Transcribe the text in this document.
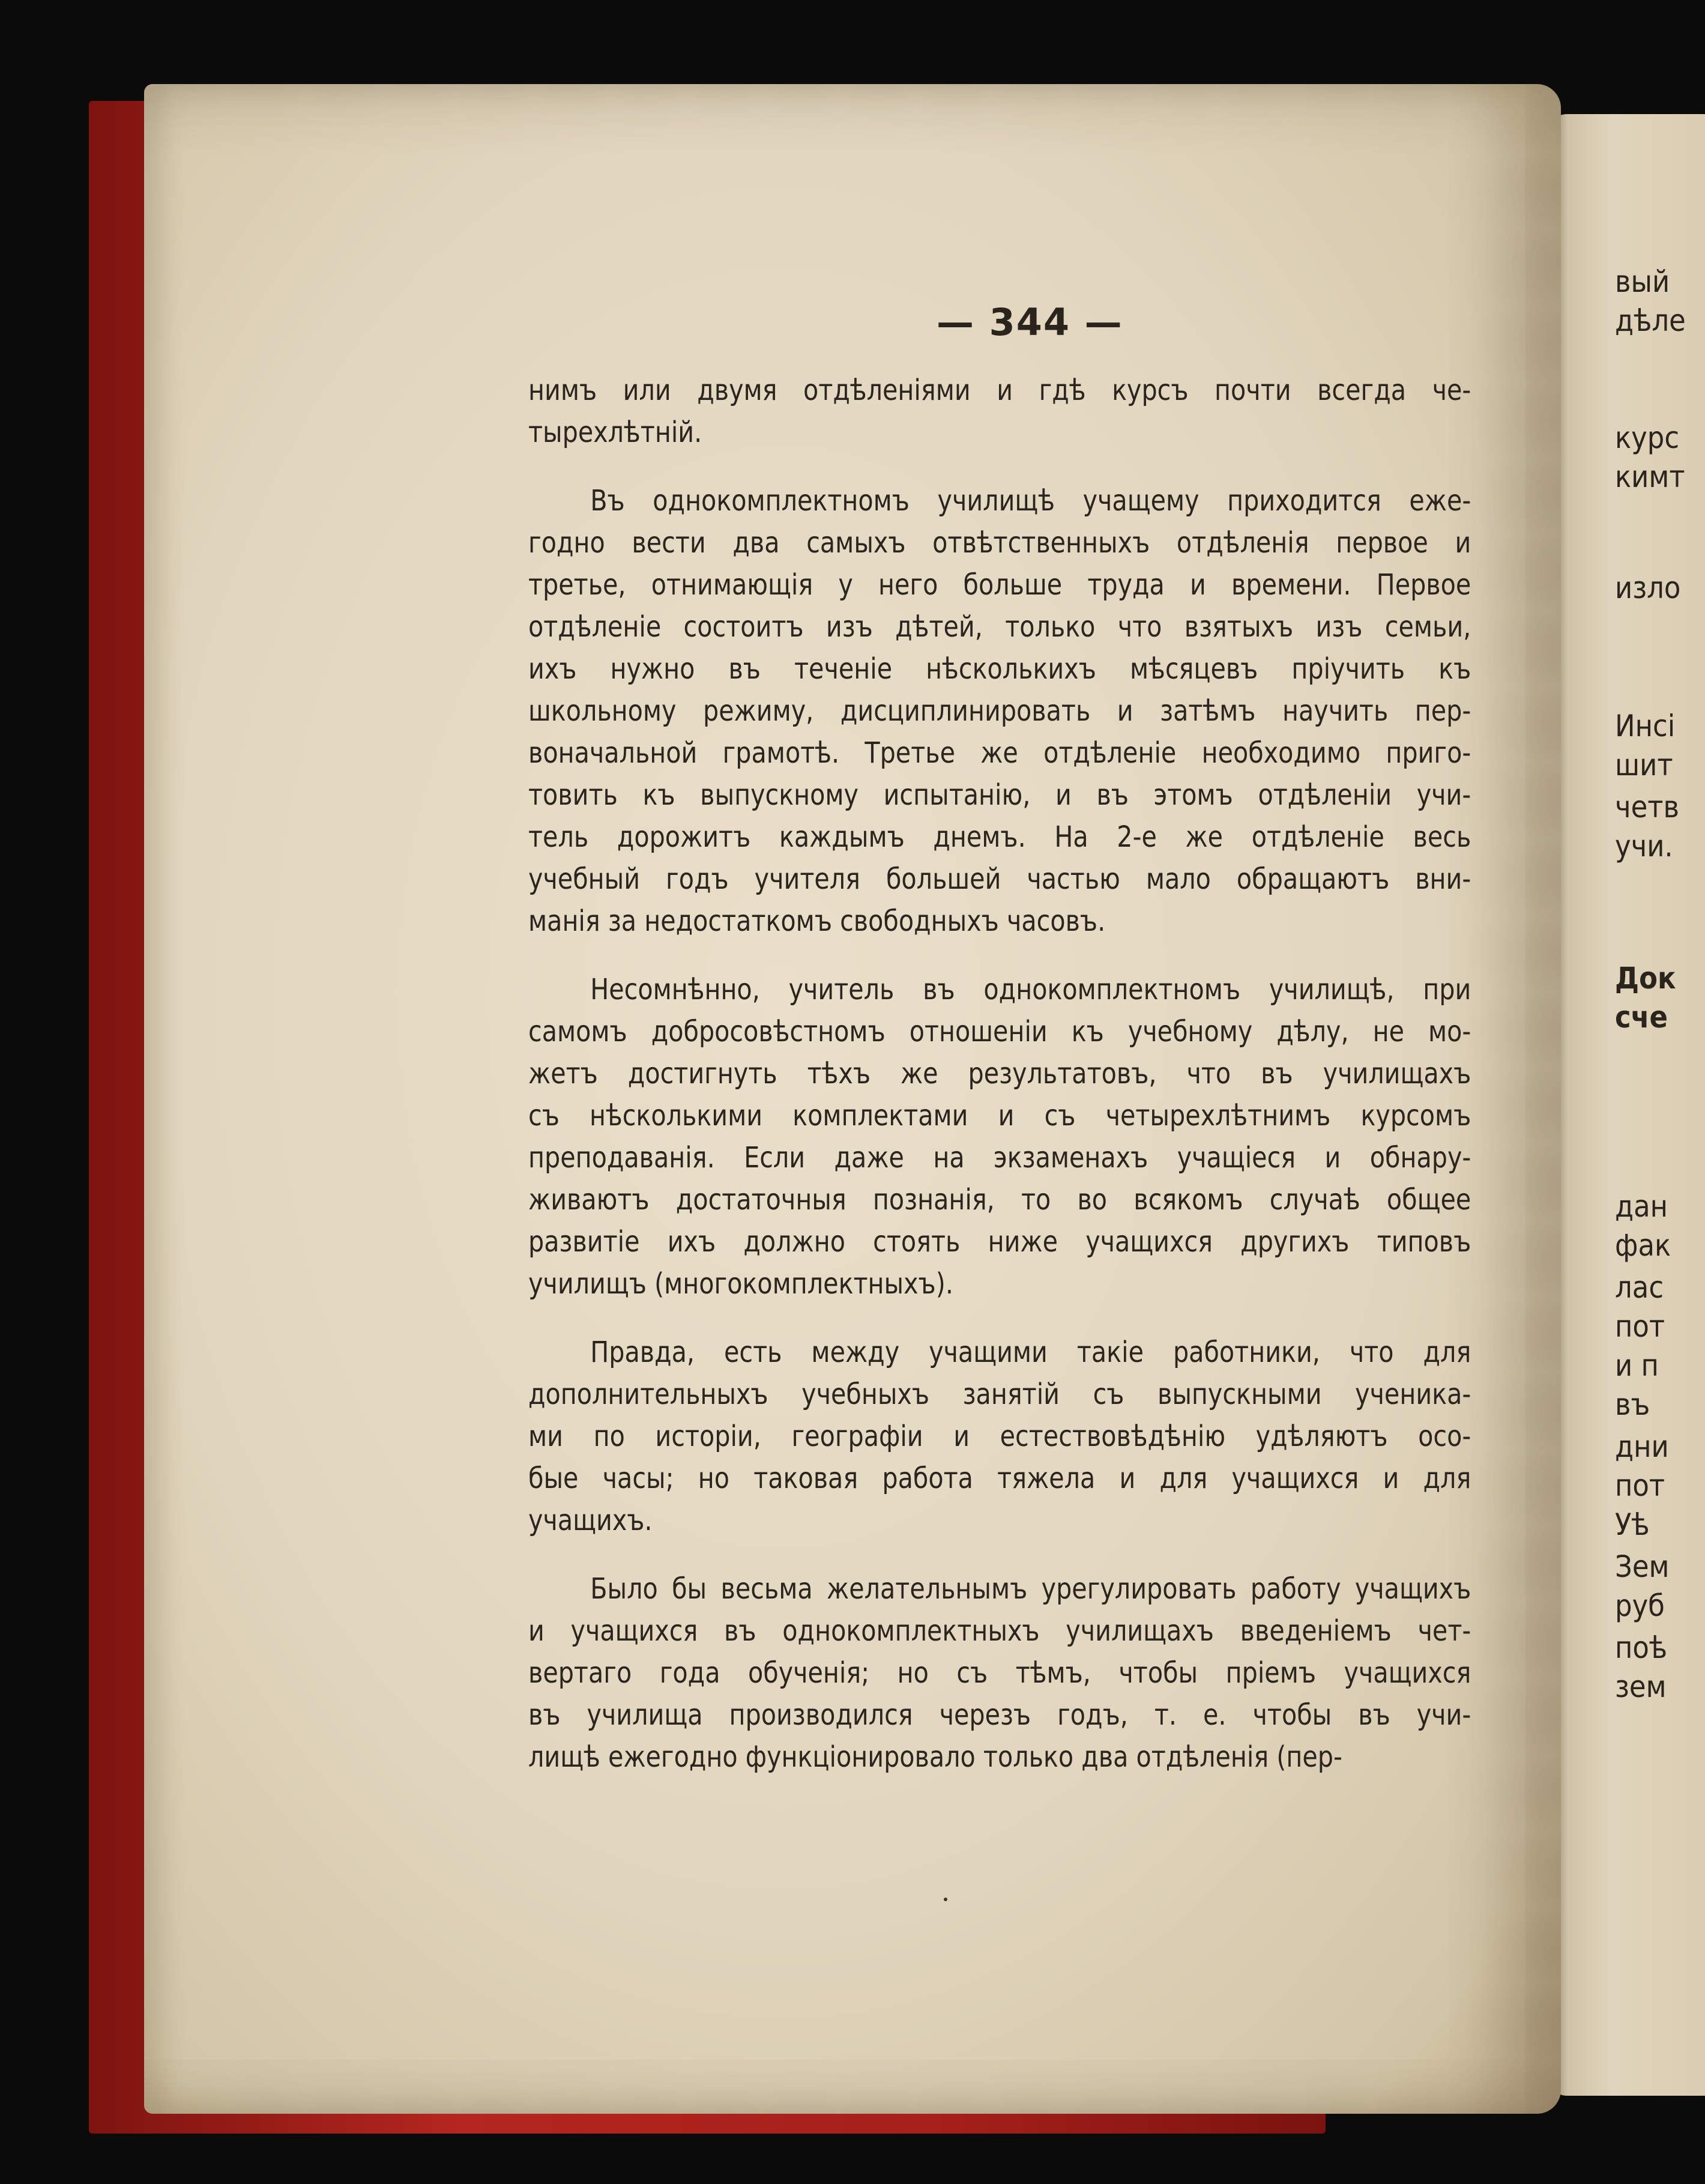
вый
дѣле
курс
кимт
изло
Инсі
шит
четв
учи.
Док
сче
дан
фак
лас
пот
и п
въ
дни
пот
Уѣ
Зем
руб
поѣ
зем
— 344 —
нимъ или двумя отдѣленіями и гдѣ курсъ почти всегда че-
тырехлѣтній.
Въ однокомплектномъ училищѣ учащему приходится еже-
годно вести два самыхъ отвѣтственныхъ отдѣленія первое и
третье, отнимающія у него больше труда и времени. Первое
отдѣленіе состоитъ изъ дѣтей, только что взятыхъ изъ семьи,
ихъ нужно въ теченіе нѣсколькихъ мѣсяцевъ пріучить къ
школьному режиму, дисциплинировать и затѣмъ научить пер-
воначальной грамотѣ. Третье же отдѣленіе необходимо приго-
товить къ выпускному испытанію, и въ этомъ отдѣленіи учи-
тель дорожитъ каждымъ днемъ. На 2-е же отдѣленіе весь
учебный годъ учителя большей частью мало обращаютъ вни-
манія за недостаткомъ свободныхъ часовъ.
Несомнѣнно, учитель въ однокомплектномъ училищѣ, при
самомъ добросовѣстномъ отношеніи къ учебному дѣлу, не мо-
жетъ достигнуть тѣхъ же результатовъ, что въ училищахъ
съ нѣсколькими комплектами и съ четырехлѣтнимъ курсомъ
преподаванія. Если даже на экзаменахъ учащіеся и обнару-
живаютъ достаточныя познанія, то во всякомъ случаѣ общее
развитіе ихъ должно стоять ниже учащихся другихъ типовъ
училищъ (многокомплектныхъ).
Правда, есть между учащими такіе работники, что для
дополнительныхъ учебныхъ занятій съ выпускными ученика-
ми по исторіи, географіи и естествовѣдѣнію удѣляютъ осо-
бые часы; но таковая работа тяжела и для учащихся и для
учащихъ.
Было бы весьма желательнымъ урегулировать работу учащихъ
и учащихся въ однокомплектныхъ училищахъ введеніемъ чет-
вертаго года обученія; но съ тѣмъ, чтобы пріемъ учащихся
въ училища производился черезъ годъ, т. е. чтобы въ учи-
лищѣ ежегодно функціонировало только два отдѣленія (пер-
